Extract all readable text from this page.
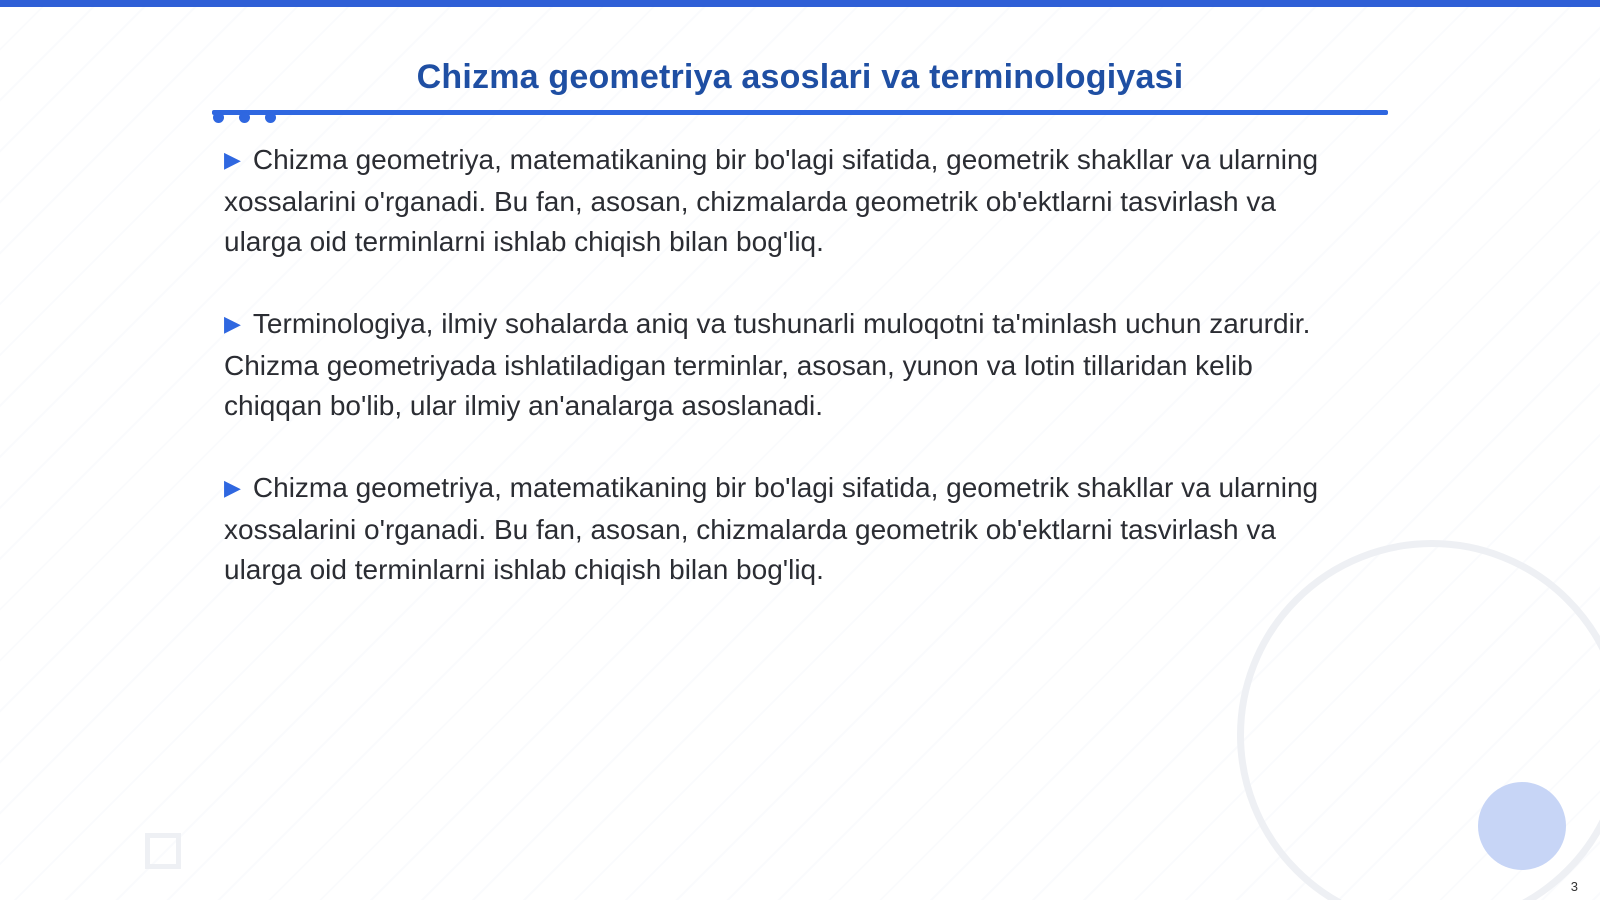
Chizma geometriya asoslari va terminologiyasi

▶ Chizma geometriya, matematikaning bir bo'lagi sifatida, geometrik shakllar va ularning xossalarini o'rganadi. Bu fan, asosan, chizmalarda geometrik ob'ektlarni tasvirlash va ularga oid terminlarni ishlab chiqish bilan bog'liq.

▶ Terminologiya, ilmiy sohalarda aniq va tushunarli muloqotni ta'minlash uchun zarurdir. Chizma geometriyada ishlatiladigan terminlar, asosan, yunon va lotin tillaridan kelib chiqqan bo'lib, ular ilmiy an'analarga asoslanadi.

▶ Chizma geometriya, matematikaning bir bo'lagi sifatida, geometrik shakllar va ularning xossalarini o'rganadi. Bu fan, asosan, chizmalarda geometrik ob'ektlarni tasvirlash va ularga oid terminlarni ishlab chiqish bilan bog'liq.

3
